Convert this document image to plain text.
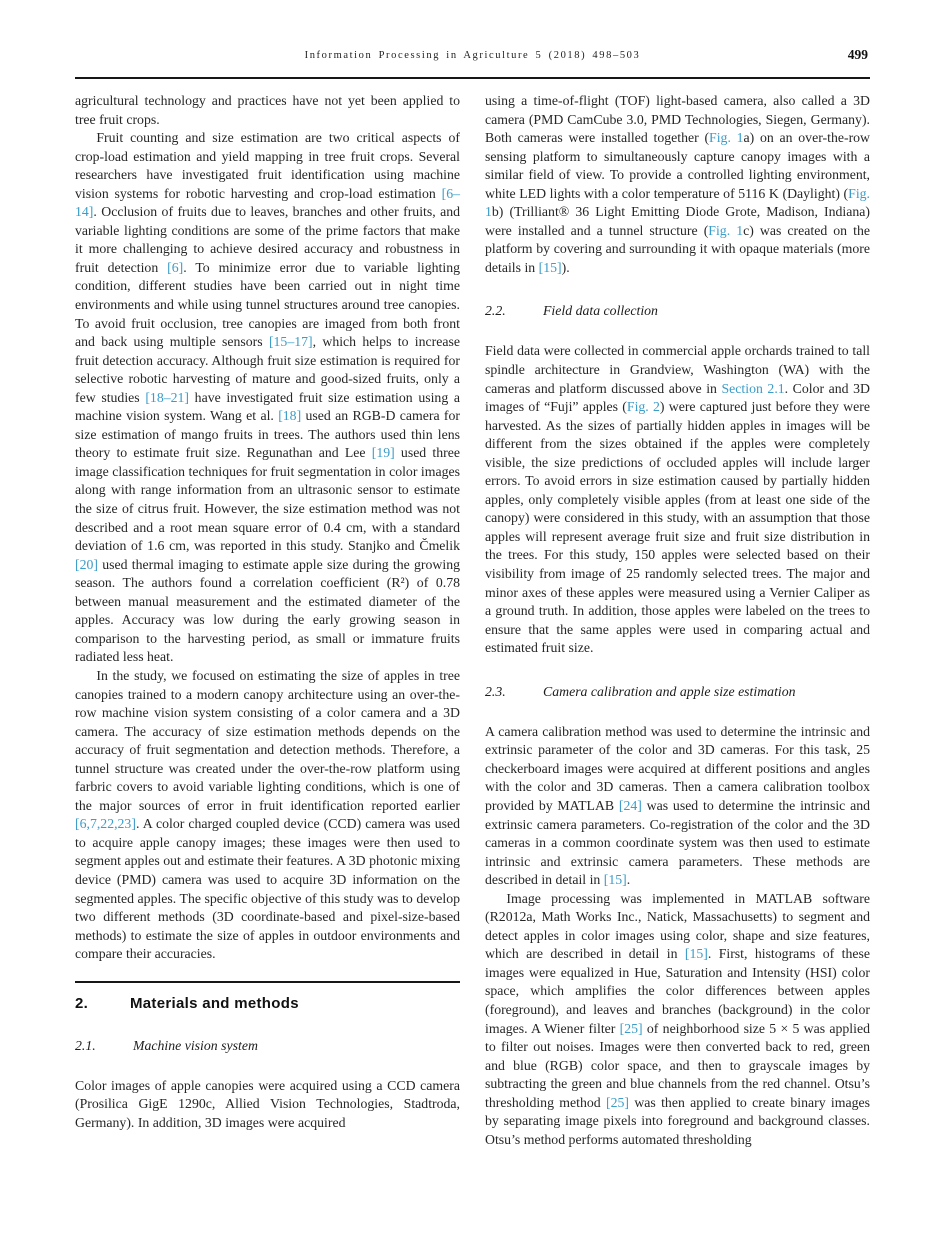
Information Processing in Agriculture 5 (2018) 498–503	499

agricultural technology and practices have not yet been applied to tree fruit crops.

Fruit counting and size estimation are two critical aspects of crop-load estimation and yield mapping in tree fruit crops. Several researchers have investigated fruit identification using machine vision systems for robotic harvesting and crop-load estimation [6–14]. Occlusion of fruits due to leaves, branches and other fruits, and variable lighting conditions are some of the prime factors that make it more challenging to achieve desired accuracy and robustness in fruit detection [6]. To minimize error due to variable lighting condition, different studies have been carried out in night time environments and while using tunnel structures around tree canopies. To avoid fruit occlusion, tree canopies are imaged from both front and back using multiple sensors [15–17], which helps to increase fruit detection accuracy. Although fruit size estimation is required for selective robotic harvesting of mature and good-sized fruits, only a few studies [18–21] have investigated fruit size estimation using a machine vision system. Wang et al. [18] used an RGB-D camera for size estimation of mango fruits in trees. The authors used thin lens theory to estimate fruit size. Regunathan and Lee [19] used three image classification techniques for fruit segmentation in color images along with range information from an ultrasonic sensor to estimate the size of citrus fruit. However, the size estimation method was not described and a root mean square error of 0.4 cm, with a standard deviation of 1.6 cm, was reported in this study. Stanjko and Čmelik [20] used thermal imaging to estimate apple size during the growing season. The authors found a correlation coefficient (R²) of 0.78 between manual measurement and the estimated diameter of the apples. Accuracy was low during the early growing season in comparison to the harvesting period, as small or immature fruits radiated less heat.

In the study, we focused on estimating the size of apples in tree canopies trained to a modern canopy architecture using an over-the-row machine vision system consisting of a color camera and a 3D camera. The accuracy of size estimation methods depends on the accuracy of fruit segmentation and detection methods. Therefore, a tunnel structure was created under the over-the-row platform using farbric covers to avoid variable lighting conditions, which is one of the major sources of error in fruit identification reported earlier [6,7,22,23]. A color charged coupled device (CCD) camera was used to acquire apple canopy images; these images were then used to segment apples out and estimate their features. A 3D photonic mixing device (PMD) camera was used to acquire 3D information on the segmented apples. The specific objective of this study was to develop two different methods (3D coordinate-based and pixel-size-based methods) to estimate the size of apples in outdoor environments and compare their accuracies.

2.	Materials and methods
2.1.	Machine vision system

Color images of apple canopies were acquired using a CCD camera (Prosilica GigE 1290c, Allied Vision Technologies, Stadtroda, Germany). In addition, 3D images were acquired

using a time-of-flight (TOF) light-based camera, also called a 3D camera (PMD CamCube 3.0, PMD Technologies, Siegen, Germany). Both cameras were installed together (Fig. 1a) on an over-the-row sensing platform to simultaneously capture canopy images with a similar field of view. To provide a controlled lighting environment, white LED lights with a color temperature of 5116 K (Daylight) (Fig. 1b) (Trilliant® 36 Light Emitting Diode Grote, Madison, Indiana) were installed and a tunnel structure (Fig. 1c) was created on the platform by covering and surrounding it with opaque materials (more details in [15]).

2.2.	Field data collection

Field data were collected in commercial apple orchards trained to tall spindle architecture in Grandview, Washington (WA) with the cameras and platform discussed above in Section 2.1. Color and 3D images of “Fuji” apples (Fig. 2) were captured just before they were harvested. As the sizes of partially hidden apples in images will be different from the sizes obtained if the apples were completely visible, the size predictions of occluded apples will include larger errors. To avoid errors in size estimation caused by partially hidden apples, only completely visible apples (from at least one side of the canopy) were considered in this study, with an assumption that those apples will represent average fruit size and fruit size distribution in the trees. For this study, 150 apples were selected based on their visibility from image of 25 randomly selected trees. The major and minor axes of these apples were measured using a Vernier Caliper as a ground truth. In addition, those apples were labeled on the trees to ensure that the same apples were used in comparing actual and estimated fruit size.

2.3.	Camera calibration and apple size estimation

A camera calibration method was used to determine the intrinsic and extrinsic parameter of the color and 3D cameras. For this task, 25 checkerboard images were acquired at different positions and angles with the color and 3D cameras. Then a camera calibration toolbox provided by MATLAB [24] was used to determine the intrinsic and extrinsic camera parameters. Co-registration of the color and the 3D cameras in a common coordinate system was then used to estimate intrinsic and extrinsic camera parameters. These methods are described in detail in [15].

Image processing was implemented in MATLAB software (R2012a, Math Works Inc., Natick, Massachusetts) to segment and detect apples in color images using color, shape and size features, which are described in detail in [15]. First, histograms of these images were equalized in Hue, Saturation and Intensity (HSI) color space, which amplifies the color differences between apples (foreground), and leaves and branches (background) in the color images. A Wiener filter [25] of neighborhood size 5 × 5 was applied to filter out noises. Images were then converted back to red, green and blue (RGB) color space, and then to grayscale images by subtracting the green and blue channels from the red channel. Otsu’s thresholding method [25] was then applied to create binary images by separating image pixels into foreground and background classes. Otsu’s method performs automated thresholding
